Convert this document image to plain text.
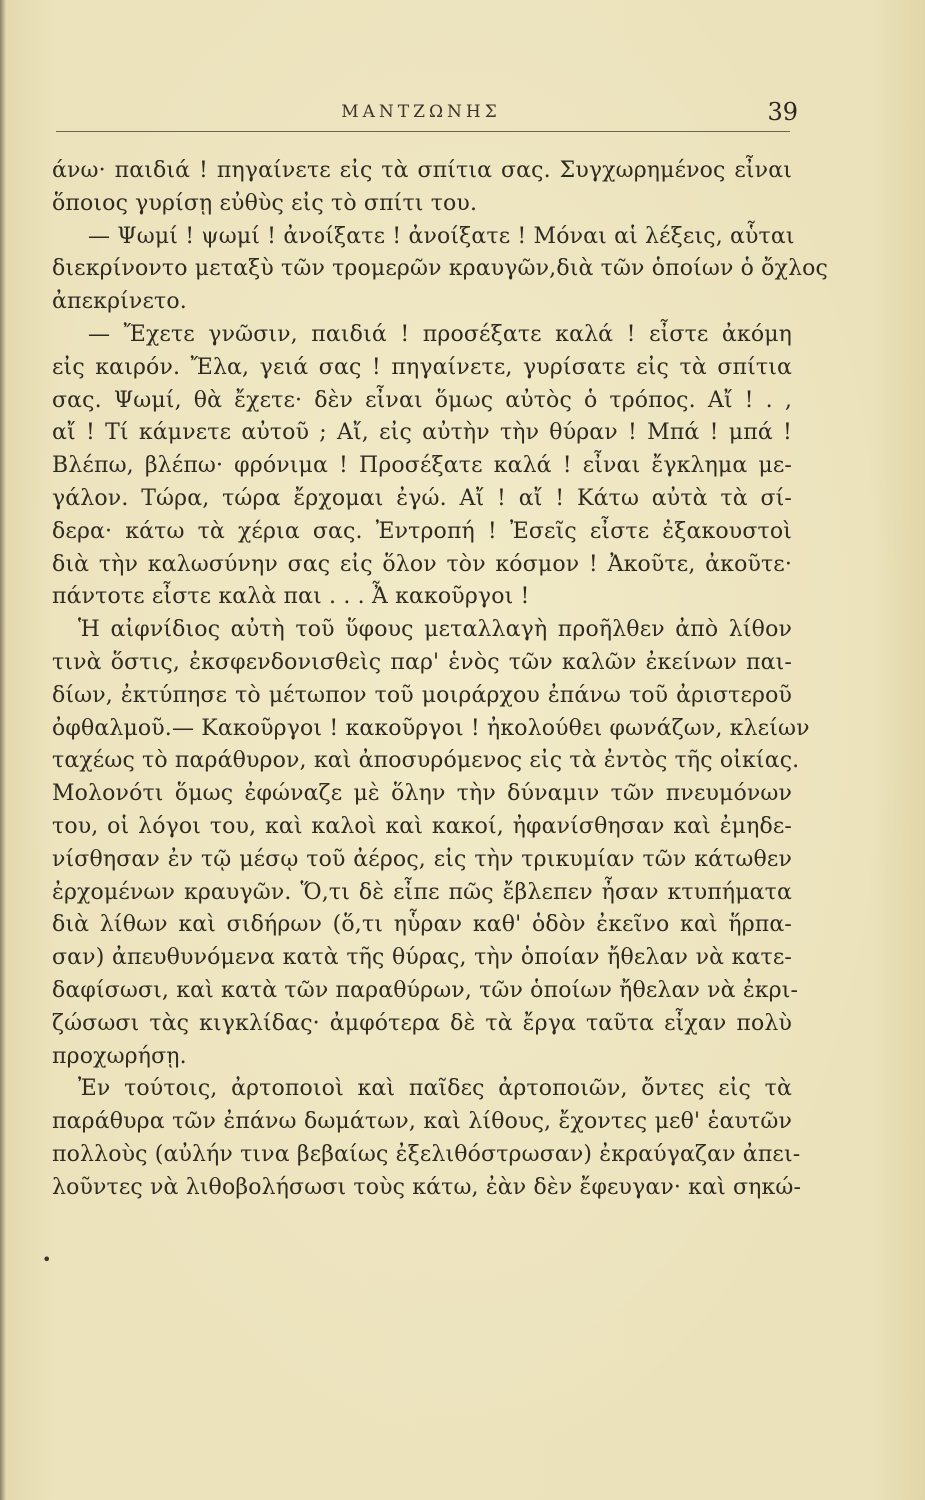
ΜΑΝΤΖΩΝΗΣ	39
άνω· παιδιά ! πηγαίνετε εἰς τὰ σπίτια σας. Συγχωρημένος εἶναι
ὅποιος γυρίσῃ εὐθὺς εἰς τὸ σπίτι του.
— Ψωμί ! ψωμί ! ἀνοίξατε ! ἀνοίξατε ! Μόναι αἱ λέξεις, αὗται
διεκρίνοντο μεταξὺ τῶν τρομερῶν κραυγῶν,διὰ τῶν ὁποίων ὁ ὄχλος
ἀπεκρίνετο.
— Ἔχετε γνῶσιν, παιδιά ! προσέξατε καλά ! εἶστε ἀκόμη
εἰς καιρόν. Ἔλα, γειά σας ! πηγαίνετε, γυρίσατε εἰς τὰ σπίτια
σας. Ψωμί, θὰ ἔχετε· δὲν εἶναι ὅμως αὐτὸς ὁ τρόπος. Αἴ ! . ,
αἴ ! Τί κάμνετε αὐτοῦ ; Αἴ, εἰς αὐτὴν τὴν θύραν ! Μπά ! μπά !
Βλέπω, βλέπω· φρόνιμα ! Προσέξατε καλά ! εἶναι ἔγκλημα με-
γάλον. Τώρα, τώρα ἔρχομαι ἐγώ. Αἴ ! αἴ ! Κάτω αὐτὰ τὰ σί-
δερα· κάτω τὰ χέρια σας. Ἐντροπή ! Ἐσεῖς εἶστε ἐξακουστοὶ
διὰ τὴν καλωσύνην σας εἰς ὅλον τὸν κόσμον ! Ἀκοῦτε, ἀκοῦτε·
πάντοτε εἶστε καλὰ παι . . . Ἆ κακοῦργοι !
Ἡ αἰφνίδιος αὐτὴ τοῦ ὕφους μεταλλαγὴ προῆλθεν ἀπὸ λίθον
τινὰ ὅστις, ἐκσφενδονισθεὶς παρ' ἑνὸς τῶν καλῶν ἐκείνων παι-
δίων, ἐκτύπησε τὸ μέτωπον τοῦ μοιράρχου ἐπάνω τοῦ ἀριστεροῦ
ὀφθαλμοῦ.— Κακοῦργοι ! κακοῦργοι ! ἠκολούθει φωνάζων, κλείων
ταχέως τὸ παράθυρον, καὶ ἀποσυρόμενος εἰς τὰ ἐντὸς τῆς οἰκίας.
Μολονότι ὅμως ἐφώναζε μὲ ὅλην τὴν δύναμιν τῶν πνευμόνων
του, οἱ λόγοι του, καὶ καλοὶ καὶ κακοί, ἠφανίσθησαν καὶ ἐμηδε-
νίσθησαν ἐν τῷ μέσῳ τοῦ ἀέρος, εἰς τὴν τρικυμίαν τῶν κάτωθεν
ἐρχομένων κραυγῶν. Ὅ,τι δὲ εἶπε πῶς ἔβλεπεν ἦσαν κτυπήματα
διὰ λίθων καὶ σιδήρων (ὅ,τι ηὗραν καθ' ὁδὸν ἐκεῖνο καὶ ἥρπα-
σαν) ἀπευθυνόμενα κατὰ τῆς θύρας, τὴν ὁποίαν ἤθελαν νὰ κατε-
δαφίσωσι, καὶ κατὰ τῶν παραθύρων, τῶν ὁποίων ἤθελαν νὰ ἐκρι-
ζώσωσι τὰς κιγκλίδας· ἀμφότερα δὲ τὰ ἔργα ταῦτα εἶχαν πολὺ
προχωρήσῃ.
Ἐν τούτοις, ἀρτοποιοὶ καὶ παῖδες ἀρτοποιῶν, ὄντες εἰς τὰ
παράθυρα τῶν ἐπάνω δωμάτων, καὶ λίθους, ἔχοντες μεθ' ἑαυτῶν
πολλοὺς (αὐλήν τινα βεβαίως ἐξελιθόστρωσαν) ἐκραύγαζαν ἀπει-
λοῦντες νὰ λιθοβολήσωσι τοὺς κάτω, ἐὰν δὲν ἔφευγαν· καὶ σηκώ-
•
